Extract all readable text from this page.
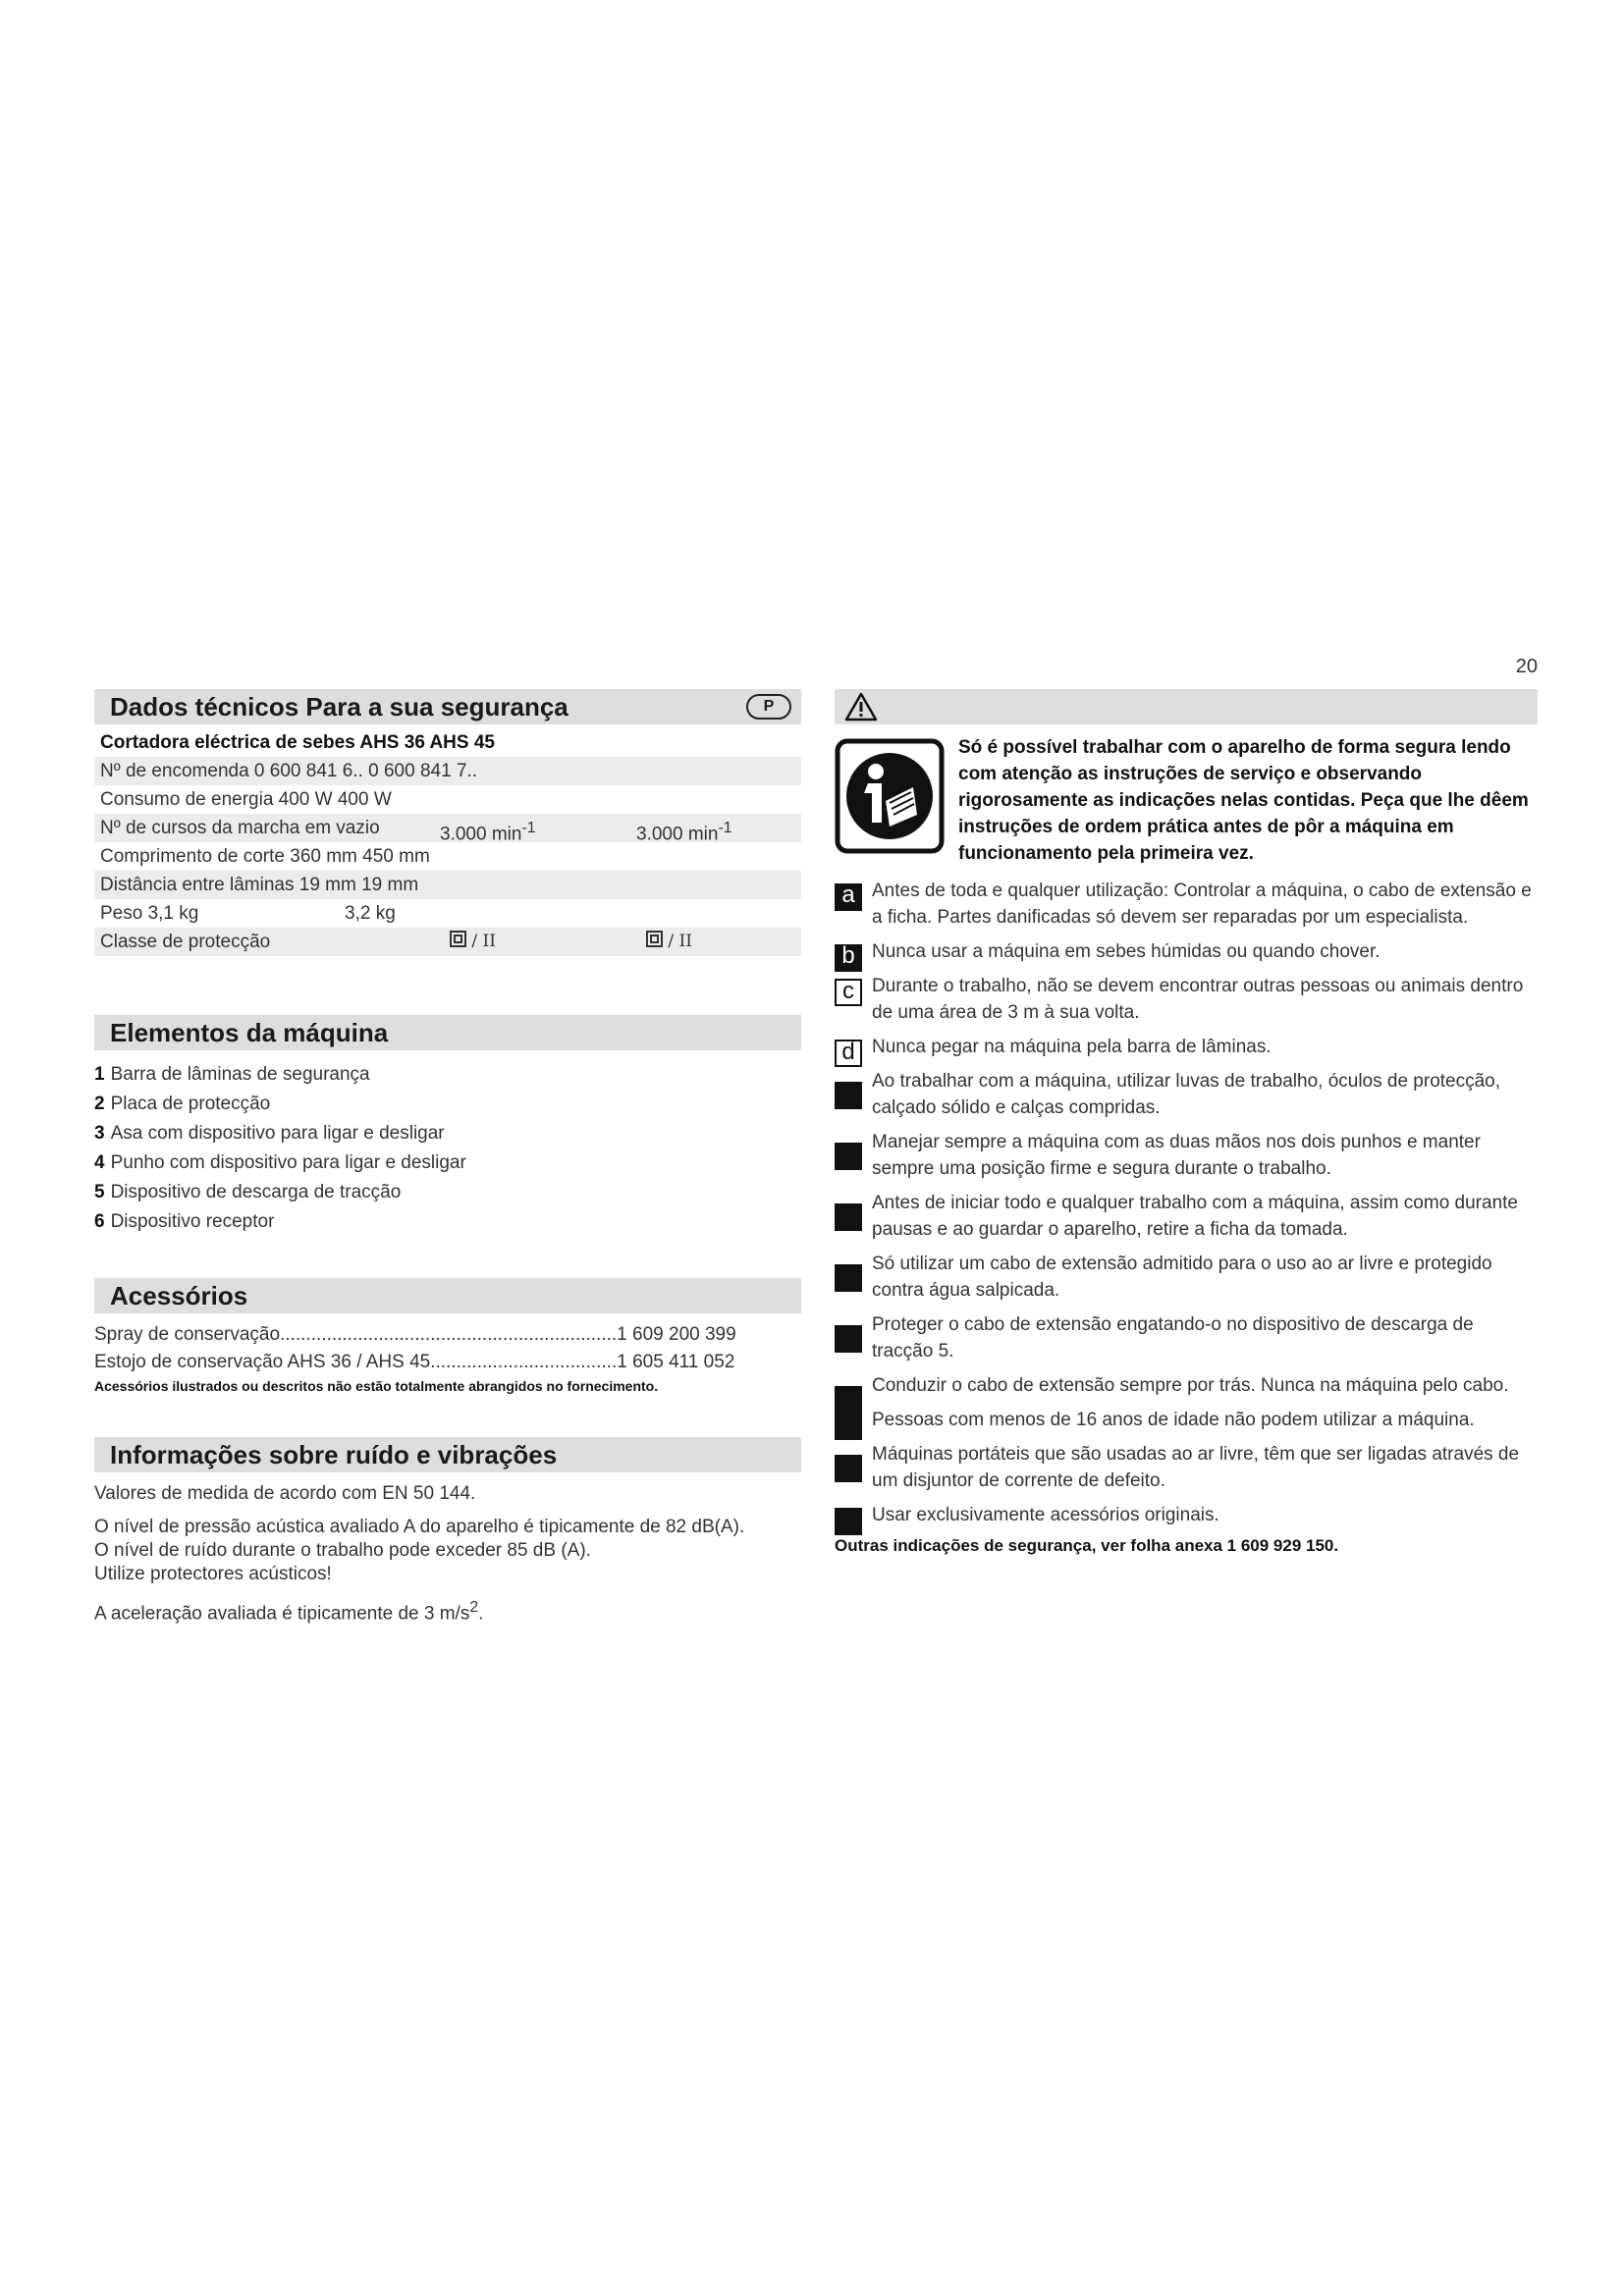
20
Dados técnicos Para a sua segurança	P
Cortadora eléctrica de sebes AHS 36 AHS 45
Nº de encomenda 0 600 841 6.. 0 600 841 7..
Consumo de energia 400 W 400 W
Nº de cursos da marcha em vazio	3.000 $\min^{-1}$	3.000 $\min^{-1}$
Comprimento de corte 360 mm 450 mm
Distância entre lâminas 19 mm 19 mm
Peso 3,1 kg	3,2 kg
Classe de protecção	/ II	/ II
Elementos da máquina
1 Barra de lâminas de segurança
2 Placa de protecção
3 Asa com dispositivo para ligar e desligar
4 Punho com dispositivo para ligar e desligar
5 Dispositivo de descarga de tracção
6 Dispositivo receptor
Acessórios
Spray de conservação.................................................................1 609 200 399
Estojo de conservação AHS 36 / AHS 45....................................1 605 411 052
Acessórios ilustrados ou descritos não estão totalmente abrangidos no fornecimento.
Informações sobre ruído e vibrações

Valores de medida de acordo com EN 50 144.

O nível de pressão acústica avaliado A do aparelho é tipicamente de 82 dB(A).

O nível de ruído durante o trabalho pode exceder 85 dB (A).

Utilize protectores acústicos!

A aceleração avaliada é tipicamente de 3 $m/s^2$.

Só é possível trabalhar com o aparelho de forma segura lendo com atenção as instruções de serviço e observando rigorosamente as indicações nelas contidas. Peça que lhe dêem instruções de ordem prática antes de pôr a máquina em funcionamento pela primeira vez.
a Antes de toda e qualquer utilização: Controlar a máquina, o cabo de extensão e a ficha. Partes danificadas só devem ser reparadas por um especialista.
b Nunca usar a máquina em sebes húmidas ou quando chover.
c Durante o trabalho, não se devem encontrar outras pessoas ou animais dentro de uma área de 3 m à sua volta.
d Nunca pegar na máquina pela barra de lâminas.
Ao trabalhar com a máquina, utilizar luvas de trabalho, óculos de protecção, calçado sólido e calças compridas.
Manejar sempre a máquina com as duas mãos nos dois punhos e manter sempre uma posição firme e segura durante o trabalho.
Antes de iniciar todo e qualquer trabalho com a máquina, assim como durante pausas e ao guardar o aparelho, retire a ficha da tomada.
Só utilizar um cabo de extensão admitido para o uso ao ar livre e protegido contra água salpicada.
Proteger o cabo de extensão engatando-o no dispositivo de descarga de tracção 5.
Conduzir o cabo de extensão sempre por trás. Nunca na máquina pelo cabo.
Pessoas com menos de 16 anos de idade não podem utilizar a máquina.
Máquinas portáteis que são usadas ao ar livre, têm que ser ligadas através de um disjuntor de corrente de defeito.
Usar exclusivamente acessórios originais.
Outras indicações de segurança, ver folha anexa 1 609 929 150.
